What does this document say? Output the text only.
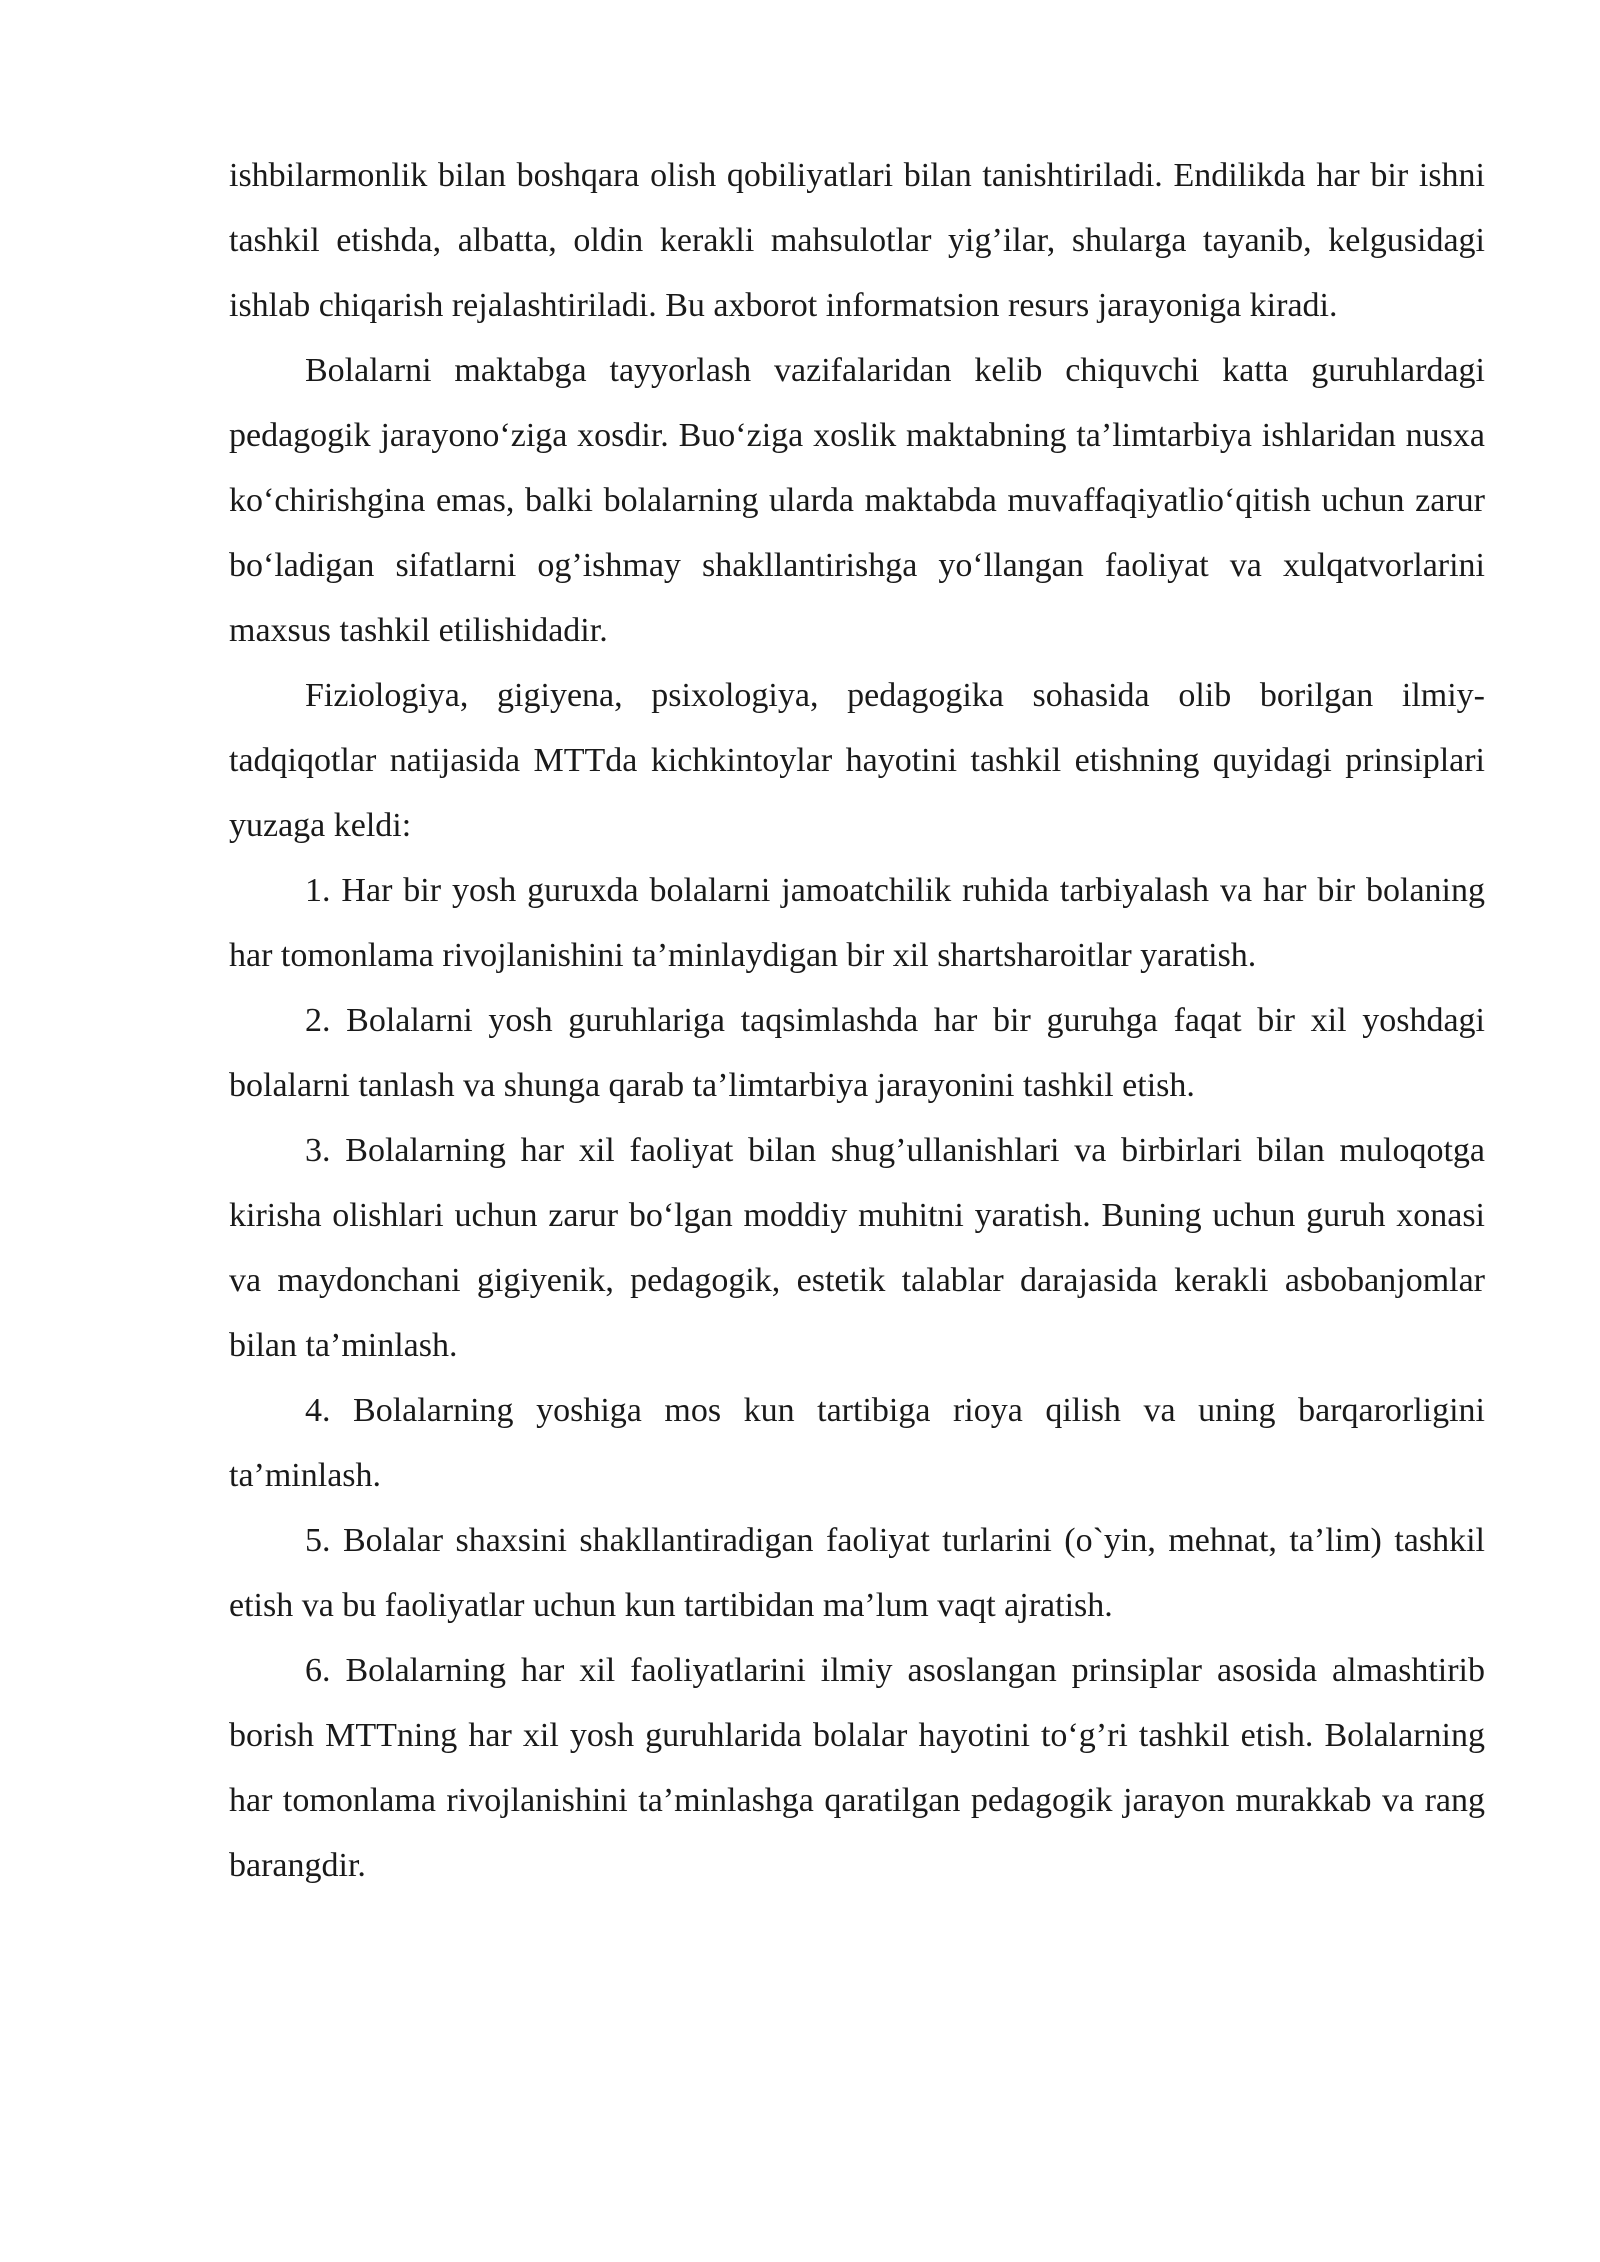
ishbilarmonlik bilan boshqara olish qobiliyatlari bilan tanishtiriladi. Endilikda har bir ishni tashkil etishda, albatta, oldin kerakli mahsulotlar yig’ilar, shularga tayanib, kelgusidagi ishlab chiqarish rejalashtiriladi. Bu axborot informatsion resurs jarayoniga kiradi.

Bolalarni maktabga tayyorlash vazifalaridan kelib chiquvchi katta guruhlardagi pedagogik jarayono‘ziga xosdir. Buo‘ziga xoslik maktabning ta’limtarbiya ishlaridan nusxa ko‘chirishgina emas, balki bolalarning ularda maktabda muvaffaqiyatlio‘qitish uchun zarur bo‘ladigan sifatlarni og’ishmay shakllantirishga yo‘llangan faoliyat va xulqatvorlarini maxsus tashkil etilishidadir.

Fiziologiya, gigiyena, psixologiya, pedagogika sohasida olib borilgan ilmiy-tadqiqotlar natijasida MTTda kichkintoylar hayotini tashkil etishning quyidagi prinsiplari yuzaga keldi:

1. Har bir yosh guruxda bolalarni jamoatchilik ruhida tarbiyalash va har bir bolaning har tomonlama rivojlanishini ta’minlaydigan bir xil shartsharoitlar yaratish.

2. Bolalarni yosh guruhlariga taqsimlashda har bir guruhga faqat bir xil yoshdagi bolalarni tanlash va shunga qarab ta’limtarbiya jarayonini tashkil etish.

3. Bolalarning har xil faoliyat bilan shug’ullanishlari va birbirlari bilan muloqotga kirisha olishlari uchun zarur bo‘lgan moddiy muhitni yaratish. Buning uchun guruh xonasi va maydonchani gigiyenik, pedagogik, estetik talablar darajasida kerakli asbobanjomlar bilan ta’minlash.

4. Bolalarning yoshiga mos kun tartibiga rioya qilish va uning barqarorligini ta’minlash.

5. Bolalar shaxsini shakllantiradigan faoliyat turlarini (o`yin, mehnat, ta’lim) tashkil etish va bu faoliyatlar uchun kun tartibidan ma’lum vaqt ajratish.

6. Bolalarning har xil faoliyatlarini ilmiy asoslangan prinsiplar asosida almashtirib borish MTTning har xil yosh guruhlarida bolalar hayotini to‘g’ri tashkil etish. Bolalarning har tomonlama rivojlanishini ta’minlashga qaratilgan pedagogik jarayon murakkab va rang barangdir.
